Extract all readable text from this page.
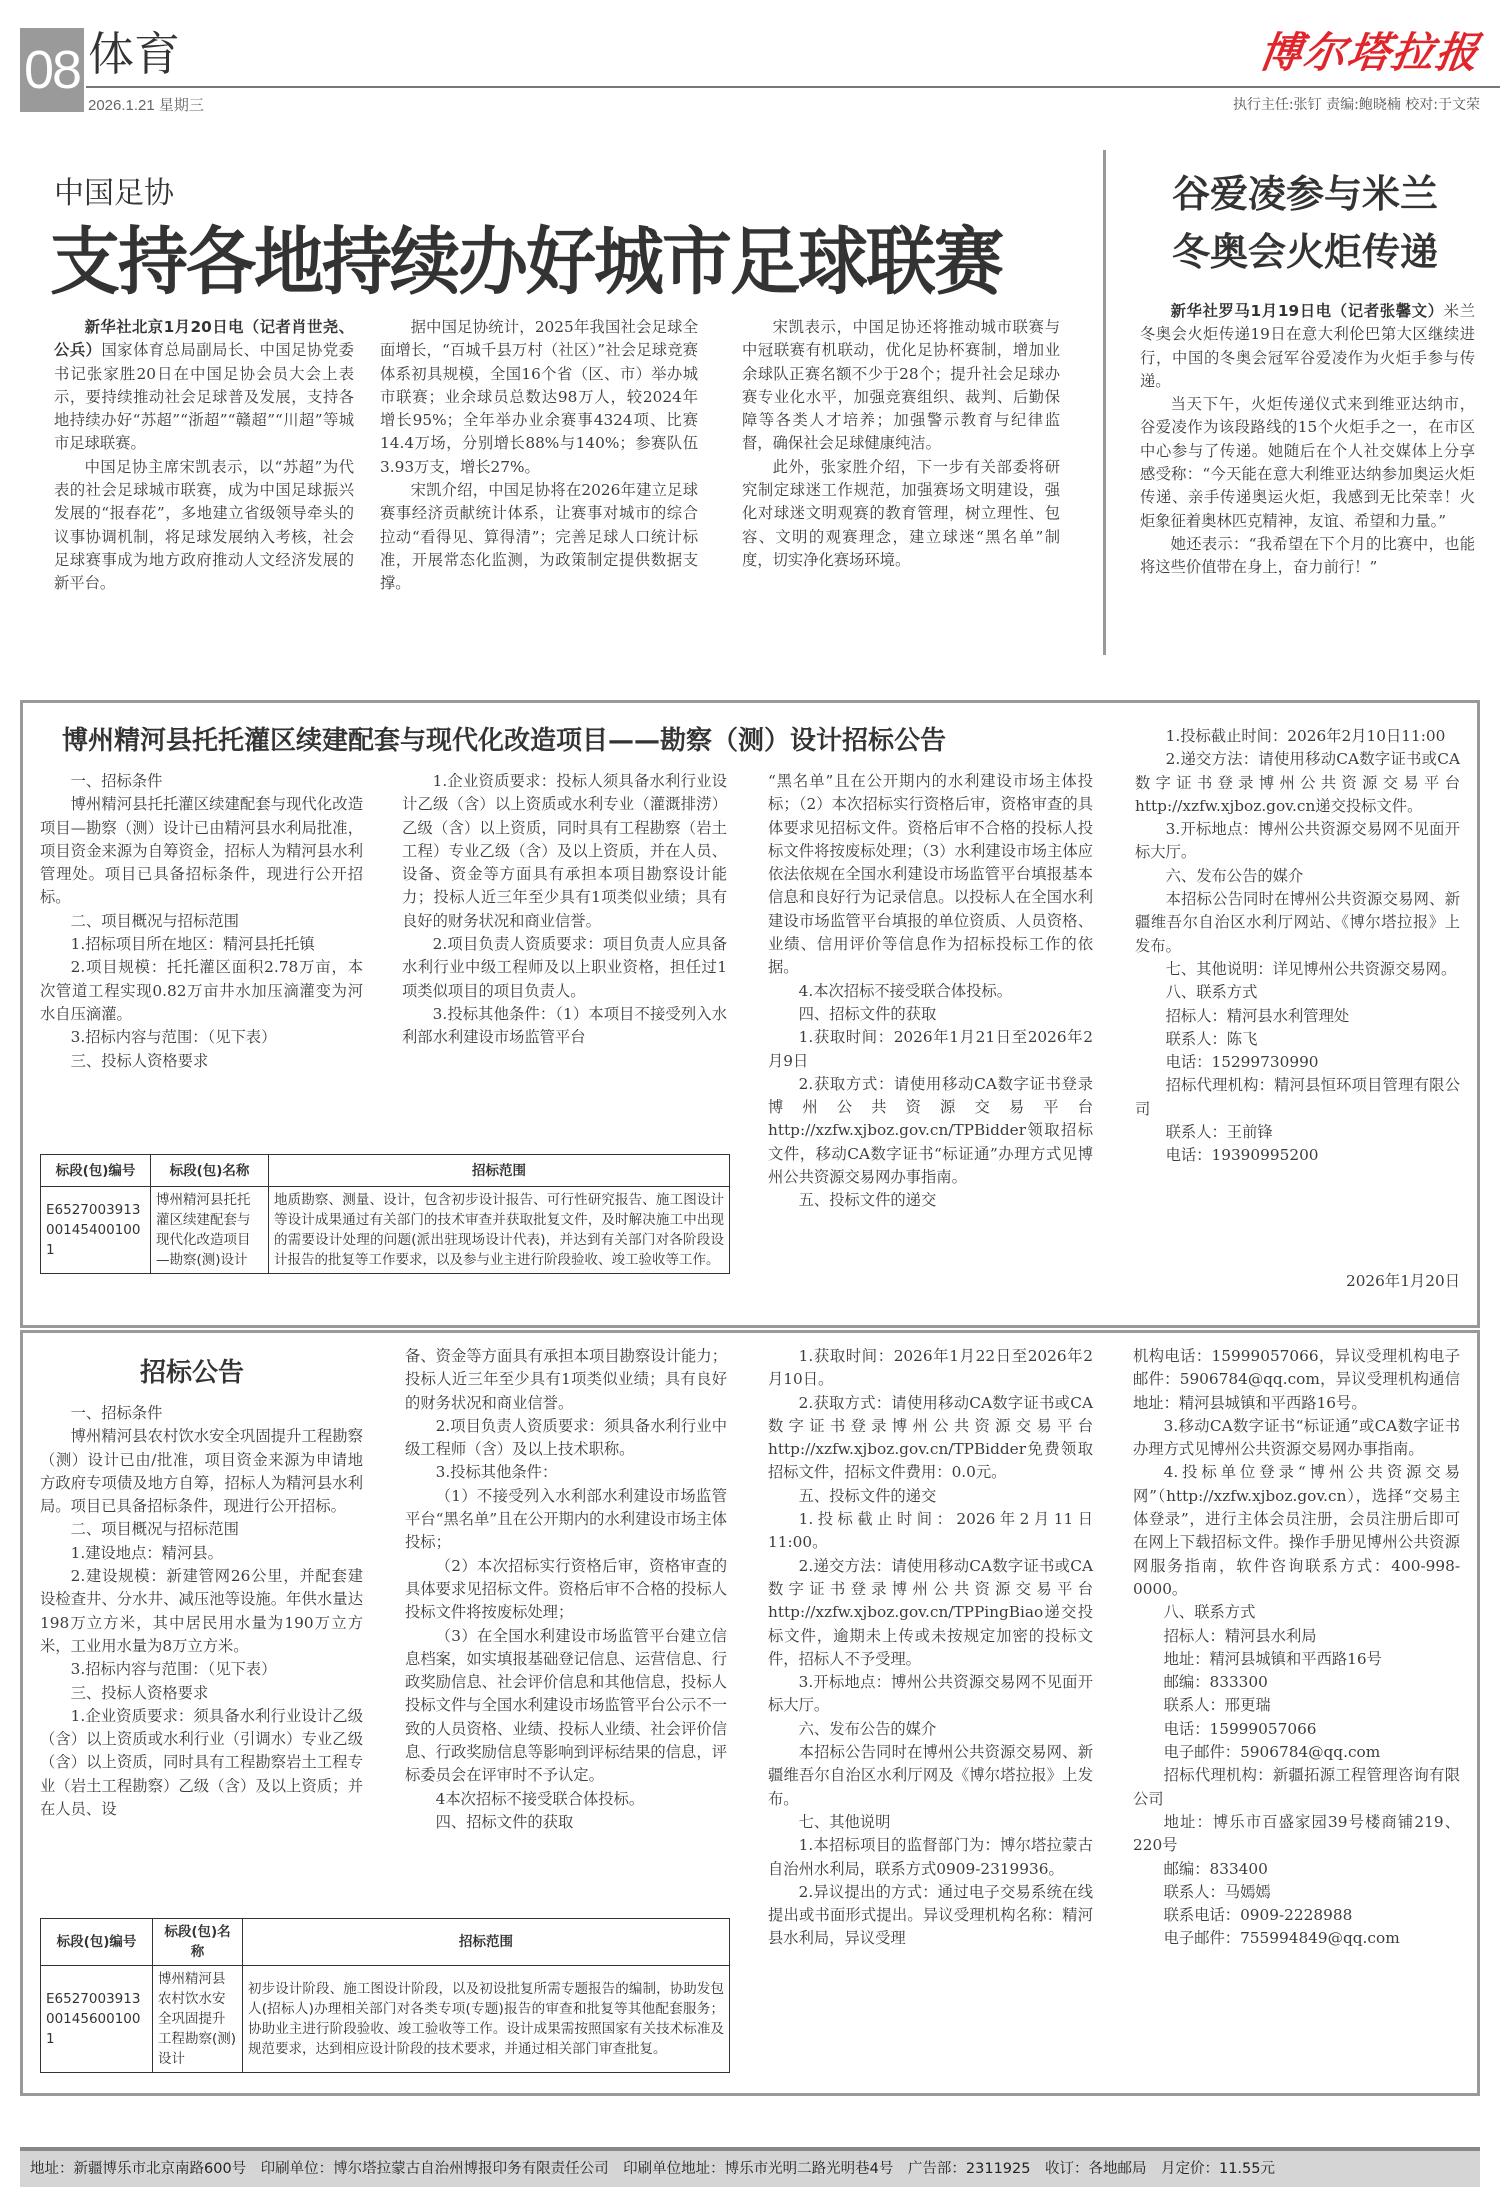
08 体育
2026.1.21 星期三
博尔塔拉报
执行主任:张钉 责编:鲍晓楠 校对:于文荣
中国足协
支持各地持续办好城市足球联赛

新华社北京1月20日电（记者肖世尧、公兵）国家体育总局副局长、中国足协党委书记张家胜20日在中国足协会员大会上表示，要持续推动社会足球普及发展，支持各地持续办好“苏超”“浙超”“赣超”“川超”等城市足球联赛。

中国足协主席宋凯表示，以“苏超”为代表的社会足球城市联赛，成为中国足球振兴发展的“报春花”，多地建立省级领导牵头的议事协调机制，将足球发展纳入考核，社会足球赛事成为地方政府推动人文经济发展的新平台。

据中国足协统计，2025年我国社会足球全面增长，“百城千县万村（社区）”社会足球竞赛体系初具规模，全国16个省（区、市）举办城市联赛；业余球员总数达98万人，较2024年增长95%；全年举办业余赛事4324项、比赛14.4万场，分别增长88%与140%；参赛队伍3.93万支，增长27%。

宋凯介绍，中国足协将在2026年建立足球赛事经济贡献统计体系，让赛事对城市的综合拉动“看得见、算得清”；完善足球人口统计标准，开展常态化监测，为政策制定提供数据支撑。

宋凯表示，中国足协还将推动城市联赛与中冠联赛有机联动，优化足协杯赛制，增加业余球队正赛名额不少于28个；提升社会足球办赛专业化水平，加强竞赛组织、裁判、后勤保障等各类人才培养；加强警示教育与纪律监督，确保社会足球健康纯洁。

此外，张家胜介绍，下一步有关部委将研究制定球迷工作规范，加强赛场文明建设，强化对球迷文明观赛的教育管理，树立理性、包容、文明的观赛理念，建立球迷“黑名单”制度，切实净化赛场环境。

谷爱凌参与米兰
冬奥会火炬传递

新华社罗马1月19日电（记者张馨文）米兰冬奥会火炬传递19日在意大利伦巴第大区继续进行，中国的冬奥会冠军谷爱凌作为火炬手参与传递。

当天下午，火炬传递仪式来到维亚达纳市，谷爱凌作为该段路线的15个火炬手之一，在市区中心参与了传递。她随后在个人社交媒体上分享感受称：“今天能在意大利维亚达纳参加奥运火炬传递、亲手传递奥运火炬，我感到无比荣幸！火炬象征着奥林匹克精神，友谊、希望和力量。”

她还表示：“我希望在下个月的比赛中，也能将这些价值带在身上，奋力前行！”

博州精河县托托灌区续建配套与现代化改造项目——勘察（测）设计招标公告

一、招标条件

博州精河县托托灌区续建配套与现代化改造项目—勘察（测）设计已由精河县水利局批准，项目资金来源为自筹资金，招标人为精河县水利管理处。项目已具备招标条件，现进行公开招标。

二、项目概况与招标范围

1.招标项目所在地区：精河县托托镇

2.项目规模：托托灌区面积2.78万亩，本次管道工程实现0.82万亩井水加压滴灌变为河水自压滴灌。

3.招标内容与范围：（见下表）

三、投标人资格要求

1.企业资质要求：投标人须具备水利行业设计乙级（含）以上资质或水利专业（灌溉排涝）乙级（含）以上资质，同时具有工程勘察（岩土工程）专业乙级（含）及以上资质，并在人员、设备、资金等方面具有承担本项目勘察设计能力；投标人近三年至少具有1项类似业绩；具有良好的财务状况和商业信誉。

2.项目负责人资质要求：项目负责人应具备水利行业中级工程师及以上职业资格，担任过1项类似项目的项目负责人。

3.投标其他条件：（1）本项目不接受列入水利部水利建设市场监管平台

“黑名单”且在公开期内的水利建设市场主体投标；（2）本次招标实行资格后审，资格审查的具体要求见招标文件。资格后审不合格的投标人投标文件将按废标处理；（3）水利建设市场主体应依法依规在全国水利建设市场监管平台填报基本信息和良好行为记录信息。以投标人在全国水利建设市场监管平台填报的单位资质、人员资格、业绩、信用评价等信息作为招标投标工作的依据。

4.本次招标不接受联合体投标。

四、招标文件的获取

1.获取时间：2026年1月21日至2026年2月9日

2.获取方式：请使用移动CA数字证书登录博州公共资源交易平台http://xzfw.xjboz.gov.cn/TPBidder领取招标文件，移动CA数字证书“标证通”办理方式见博州公共资源交易网办事指南。

五、投标文件的递交

1.投标截止时间：2026年2月10日11:00

2.递交方法：请使用移动CA数字证书或CA数字证书登录博州公共资源交易平台http://xzfw.xjboz.gov.cn递交投标文件。

3.开标地点：博州公共资源交易网不见面开标大厅。

六、发布公告的媒介

本招标公告同时在博州公共资源交易网、新疆维吾尔自治区水利厅网站、《博尔塔拉报》上发布。

七、其他说明：详见博州公共资源交易网。

八、联系方式

招标人：精河县水利管理处

联系人：陈飞

电话：15299730990

招标代理机构：精河县恒环项目管理有限公司

联系人：王前锋

电话：19390995200

2026年1月20日

标段(包)编号	标段(包)名称	招标范围
E6527003913001454001001	博州精河县托托灌区续建配套与现代化改造项目—勘察(测)设计	地质勘察、测量、设计，包含初步设计报告、可行性研究报告、施工图设计等设计成果通过有关部门的技术审查并获取批复文件，及时解决施工中出现的需要设计处理的问题(派出驻现场设计代表)，并达到有关部门对各阶段设计报告的批复等工作要求，以及参与业主进行阶段验收、竣工验收等工作。
招标公告

一、招标条件

博州精河县农村饮水安全巩固提升工程勘察（测）设计已由/批准，项目资金来源为申请地方政府专项债及地方自筹，招标人为精河县水利局。项目已具备招标条件，现进行公开招标。

二、项目概况与招标范围

1.建设地点：精河县。

2.建设规模：新建管网26公里，并配套建设检查井、分水井、减压池等设施。年供水量达198万立方米，其中居民用水量为190万立方米，工业用水量为8万立方米。

3.招标内容与范围：（见下表）

三、投标人资格要求

1.企业资质要求：须具备水利行业设计乙级（含）以上资质或水利行业（引调水）专业乙级（含）以上资质，同时具有工程勘察岩土工程专业（岩土工程勘察）乙级（含）及以上资质；并在人员、设

备、资金等方面具有承担本项目勘察设计能力；投标人近三年至少具有1项类似业绩；具有良好的财务状况和商业信誉。

2.项目负责人资质要求：须具备水利行业中级工程师（含）及以上技术职称。

3.投标其他条件：

（1）不接受列入水利部水利建设市场监管平台“黑名单”且在公开期内的水利建设市场主体投标；

（2）本次招标实行资格后审，资格审查的具体要求见招标文件。资格后审不合格的投标人投标文件将按废标处理；

（3）在全国水利建设市场监管平台建立信息档案，如实填报基础登记信息、运营信息、行政奖励信息、社会评价信息和其他信息，投标人投标文件与全国水利建设市场监管平台公示不一致的人员资格、业绩、投标人业绩、社会评价信息、行政奖励信息等影响到评标结果的信息，评标委员会在评审时不予认定。

4本次招标不接受联合体投标。

四、招标文件的获取

1.获取时间：2026年1月22日至2026年2月10日。

2.获取方式：请使用移动CA数字证书或CA数字证书登录博州公共资源交易平台http://xzfw.xjboz.gov.cn/TPBidder免费领取招标文件，招标文件费用：0.0元。

五、投标文件的递交

1.投标截止时间：2026年2月11日11:00。

2.递交方法：请使用移动CA数字证书或CA数字证书登录博州公共资源交易平台http://xzfw.xjboz.gov.cn/TPPingBiao递交投标文件，逾期未上传或未按规定加密的投标文件，招标人不予受理。

3.开标地点：博州公共资源交易网不见面开标大厅。

六、发布公告的媒介

本招标公告同时在博州公共资源交易网、新疆维吾尔自治区水利厅网及《博尔塔拉报》上发布。

七、其他说明

1.本招标项目的监督部门为：博尔塔拉蒙古自治州水利局，联系方式0909-2319936。

2.异议提出的方式：通过电子交易系统在线提出或书面形式提出。异议受理机构名称：精河县水利局，异议受理

机构电话：15999057066，异议受理机构电子邮件：5906784@qq.com，异议受理机构通信地址：精河县城镇和平西路16号。

3.移动CA数字证书“标证通”或CA数字证书办理方式见博州公共资源交易网办事指南。

4.投标单位登录“博州公共资源交易网”（http://xzfw.xjboz.gov.cn），选择“交易主体登录”，进行主体会员注册，会员注册后即可在网上下载招标文件。操作手册见博州公共资源网服务指南，软件咨询联系方式：400-998-0000。

八、联系方式

招标人：精河县水利局

地址：精河县城镇和平西路16号

邮编：833300

联系人：邢更瑞

电话：15999057066

电子邮件：5906784@qq.com

招标代理机构：新疆拓源工程管理咨询有限公司

地址：博乐市百盛家园39号楼商铺219、220号

邮编：833400

联系人：马嫣嫣

联系电话：0909-2228988

电子邮件：755994849@qq.com

标段(包)编号	标段(包)名称	招标范围
E6527003913001456001001	博州精河县农村饮水安全巩固提升工程勘察(测)设计	初步设计阶段、施工图设计阶段，以及初设批复所需专题报告的编制，协助发包人(招标人)办理相关部门对各类专项(专题)报告的审查和批复等其他配套服务；协助业主进行阶段验收、竣工验收等工作。设计成果需按照国家有关技术标准及规范要求，达到相应设计阶段的技术要求，并通过相关部门审查批复。
地址：新疆博乐市北京南路600号　印刷单位：博尔塔拉蒙古自治州博报印务有限责任公司　印刷单位地址：博乐市光明二路光明巷4号　广告部：2311925　收订：各地邮局　月定价：11.55元
